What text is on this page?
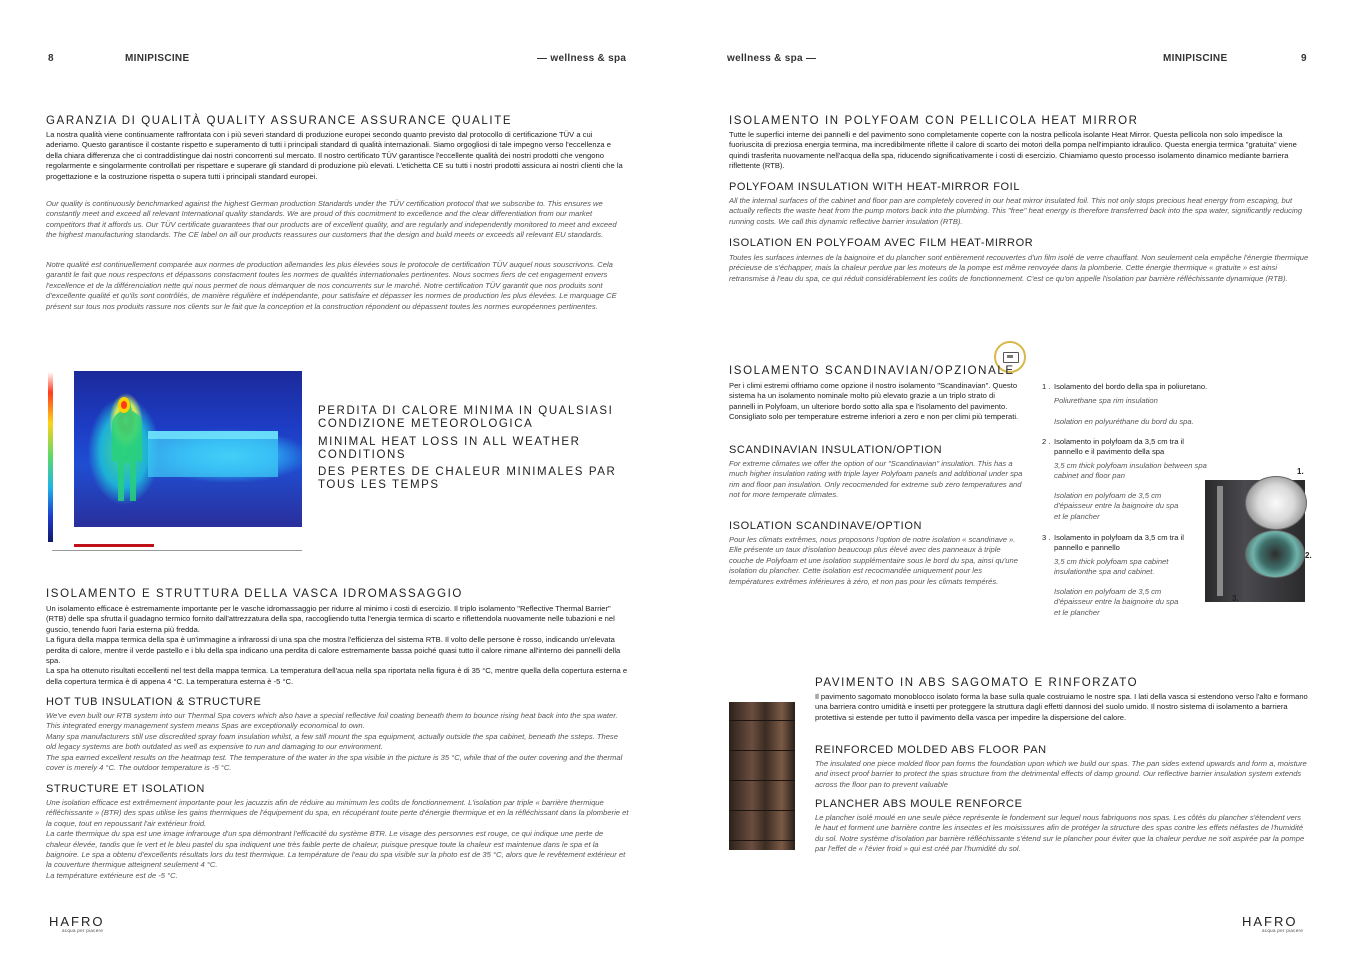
8	MINIPISCINE	— wellness & spa
GARANZIA DI QUALITÀ QUALITY ASSURANCE ASSURANCE QUALITE
La nostra qualità viene continuamente raffrontata con i più severi standard di produzione europei secondo quanto previsto dal protocollo di certificazione TÜV a cui aderiamo. Questo garantisce il costante rispetto e superamento di tutti i principali standard di qualità internazionali. Siamo orgogliosi di tale impegno verso l'eccellenza e della chiara differenza che ci contraddistingue dai nostri concorrenti sul mercato. Il nostro certificato TÜV garantisce l'eccellente qualità dei nostri prodotti che vengono regolarmente e singolarmente controllati per rispettare e superare gli standard di produzione più elevati. L'etichetta CE su tutti i nostri prodotti assicura ai nostri clienti che la progettazione e la costruzione rispetta o supera tutti i principali standard europei.
Our quality is continuously benchmarked against the highest German production Standards under the TÜV certification protocol that we subscribe to. This ensures we constantly meet and exceed all relevant International quality standards. We are proud of this cocmitment to excellence and the clear differentiation from our market competitors that it affords us. Our TÜV certificate guarantees that our products are of excellent quality, and are regularly and independently monitored to meet and exceed the highest manufacturing standards. The CE label on all our products reassures our customers that the design and build meets or exceeds all relevant EU standards.
Notre qualité est continuellement comparée aux normes de production allemandes les plus élevées sous le protocole de certification TÜV auquel nous souscrivons. Cela garantit le fait que nous respectons et dépassons constacment toutes les normes de qualités internationales pertinentes. Nous socmes fiers de cet engagement envers l'excellence et de la différenciation nette qui nous permet de nous démarquer de nos concurrents sur le marché. Notre certification TÜV garantit que nos produits sont d'excellente qualité et qu'ils sont contrôlés, de manière régulière et indépendante, pour satisfaire et dépasser les normes de production les plus élevées. Le marquage CE présent sur tous nos produits rassure nos clients sur le fait que la conception et la construction répondent ou dépassent toutes les normes européennes pertinentes.
PERDITA DI CALORE MINIMA IN QUALSIASI CONDIZIONE METEOROLOGICA
MINIMAL HEAT LOSS IN ALL WEATHER CONDITIONS
DES PERTES DE CHALEUR MINIMALES PAR TOUS LES TEMPS
ISOLAMENTO E STRUTTURA DELLA VASCA IDROMASSAGGIO
Un isolamento efficace è estremamente importante per le vasche idromassaggio per ridurre al minimo i costi di esercizio. Il triplo isolamento "Reflective Thermal Barrier" (RTB) delle spa sfrutta il guadagno termico fornito dall'attrezzatura della spa, raccogliendo tutta l'energia termica di scarto e riflettendola nuovamente nelle tubazioni e nel guscio, tenendo fuori l'aria esterna più fredda.
La figura della mappa termica della spa è un'immagine a infrarossi di una spa che mostra l'efficienza del sistema RTB. Il volto delle persone è rosso, indicando un'elevata perdita di calore, mentre il verde pastello e i blu della spa indicano una perdita di calore estremamente bassa poiché quasi tutto il calore rimane all'interno dei pannelli della spa.
La spa ha ottenuto risultati eccellenti nel test della mappa termica. La temperatura dell'acua nella spa riportata nella figura è di 35 °C, mentre quella della copertura esterna e della copertura termica è di appena 4 °C. La temperatura esterna è -5 °C.
HOT TUB INSULATION & STRUCTURE
We've even built our RTB system into our Thermal Spa covers which also have a special reflective foil coating beneath them to bounce rising heat back into the spa water. This integrated energy management system means Spas are exceptionally economical to own.
Many spa manufacturers still use discredited spray foam insulation whilst, a few still mount the spa equipment, actually outside the spa cabinet, beneath the ssteps. These old legacy systems are both outdated as well as expensive to run and damaging to our environment.
The spa earned excellent results on the heatmap test. The temperature of the water in the spa visible in the picture is 35 °C, while that of the outer covering and the thermal cover is merely 4 °C. The outdoor temperature is -5 °C.
STRUCTURE ET ISOLATION
Une isolation efficace est extrêmement importante pour les jacuzzis afin de réduire au minimum les coûts de fonctionnement. L'isolation par triple « barrière thermique réfléchissante » (BTR) des spas utilise les gains thermiques de l'équipement du spa, en récupérant toute perte d'énergie thermique et en la réfléchissant dans la plomberie et la coque, tout en repoussant l'air extérieur froid.
La carte thermique du spa est une image infrarouge d'un spa démontrant l'efficacité du système BTR. Le visage des personnes est rouge, ce qui indique une perte de chaleur élevée, tandis que le vert et le bleu pastel du spa indiquent une très faible perte de chaleur, puisque presque toute la chaleur est maintenue dans le spa et la baignoire. Le spa a obtenu d'excellents résultats lors du test thermique. La température de l'eau du spa visible sur la photo est de 35 °C, alors que le revêtement extérieur et la couverture thermique atteignent seulement 4 °C.
La température extérieure est de -5 °C.
HAFRO
acqua per piacere
wellness & spa —	MINIPISCINE	9
ISOLAMENTO IN POLYFOAM CON PELLICOLA HEAT MIRROR
Tutte le superfici interne dei pannelli e del pavimento sono completamente coperte con la nostra pellicola isolante Heat Mirror. Questa pellicola non solo impedisce la fuoriuscita di preziosa energia termina, ma incredibilmente riflette il calore di scarto dei motori della pompa nell'impianto idraulico. Questa energia termica "gratuita" viene quindi trasferita nuovamente nell'acqua della spa, riducendo significativamente i costi di esercizio. Chiamiamo questo processo isolamento dinamico mediante barriera riflettente (RTB).
POLYFOAM INSULATION WITH HEAT-MIRROR FOIL
All the internal surfaces of the cabinet and floor pan are completely covered in our heat mirror insulated foil. This not only stops precious heat energy from escaping, but actually reflects the waste heat from the pump motors back into the plumbing. This "free" heat energy is therefore transferred back into the spa water, significantly reducing running costs. We call this dynamic reflective barrier insulation (RTB).
ISOLATION EN POLYFOAM AVEC FILM HEAT-MIRROR
Toutes les surfaces internes de la baignoire et du plancher sont entièrement recouvertes d'un film isolé de verre chauffant. Non seulement cela empêche l'énergie thermique précieuse de s'échapper, mais la chaleur perdue par les moteurs de la pompe est même renvoyée dans la plomberie. Cette énergie thermique « gratuite » est ainsi retransmise à l'eau du spa, ce qui réduit considérablement les coûts de fonctionnement. C'est ce qu'on appelle l'isolation par barrière réfléchissante dynamique (RTB).
ISOLAMENTO SCANDINAVIAN/OPZIONALE
Per i climi estremi offriamo come opzione il nostro isolamento "Scandinavian". Questo sistema ha un isolamento nominale molto più elevato grazie a un triplo strato di pannelli in Polyfoam, un ulteriore bordo sotto alla spa e l'isolamento del pavimento. Consigliato solo per temperature estreme inferiori a zero e non per climi più temperati.
SCANDINAVIAN INSULATION/OPTION
For extreme climates we offer the option of our "Scandinavian" insulation. This has a much higher insulation rating with triple layer Polyfoam panels and additional under spa rim and floor pan insulation. Only recocmended for extreme sub zero temperatures and not for more temperate climates.
ISOLATION SCANDINAVE/OPTION
Pour les climats extrêmes, nous proposons l'option de notre isolation « scandinave ». Elle présente un taux d'isolation beaucoup plus élevé avec des panneaux à triple couche de Polyfoam et une isolation supplémentaire sous le bord du spa, ainsi qu'une isolation du plancher. Cette isolation est recocmandée uniquement pour les températures extrêmes inférieures à zéro, et non pas pour les climats tempérés.
1 . Isolamento del bordo della spa in poliuretano.
Poliurethane spa rim insulation
Isolation en polyuréthane du bord du spa.
2 . Isolamento in polyfoam da 3,5 cm tra il pannello e il pavimento della spa
3,5 cm thick polyfoam insulation between spa cabinet and floor pan
Isolation en polyfoam de 3,5 cm d'épaisseur entre la baignoire du spa et le plancher
3 . Isolamento in polyfoam da 3,5 cm tra il pannello e pannello
3,5 cm thick polyfoam spa cabinet insulationthe spa and cabinet.
Isolation en polyfoam de 3,5 cm d'épaisseur entre la baignoire du spa et le plancher
1.
2.
3.
PAVIMENTO IN ABS SAGOMATO E RINFORZATO
Il pavimento sagomato monoblocco isolato forma la base sulla quale costruiamo le nostre spa. I lati della vasca si estendono verso l'alto e formano una barriera contro umidità e insetti per proteggere la struttura dagli effetti dannosi del suolo umido. Il nostro sistema di isolamento a barriera protettiva si estende per tutto il pavimento della vasca per impedire la dispersione del calore.
REINFORCED MOLDED ABS FLOOR PAN
The insulated one piece molded floor pan forms the foundation upon which we build our spas. The pan sides extend upwards and form a, moisture and insect proof barrier to protect the spas structure from the detrimental effects of damp ground. Our reflective barrier insulation system extends across the floor pan to prevent valuable
PLANCHER ABS MOULE RENFORCE
Le plancher isolé moulé en une seule pièce représente le fondement sur lequel nous fabriquons nos spas. Les côtés du plancher s'étendent vers le haut et forment une barrière contre les insectes et les moisissures afin de protéger la structure des spas contre les effets néfastes de l'humidité du sol. Notre système d'isolation par barrière réfléchissante s'étend sur le plancher pour éviter que la chaleur perdue ne soit aspirée par la pompe par l'effet de « l'évier froid » qui est créé par l'humidité du sol.
HAFRO
acqua per piacere
